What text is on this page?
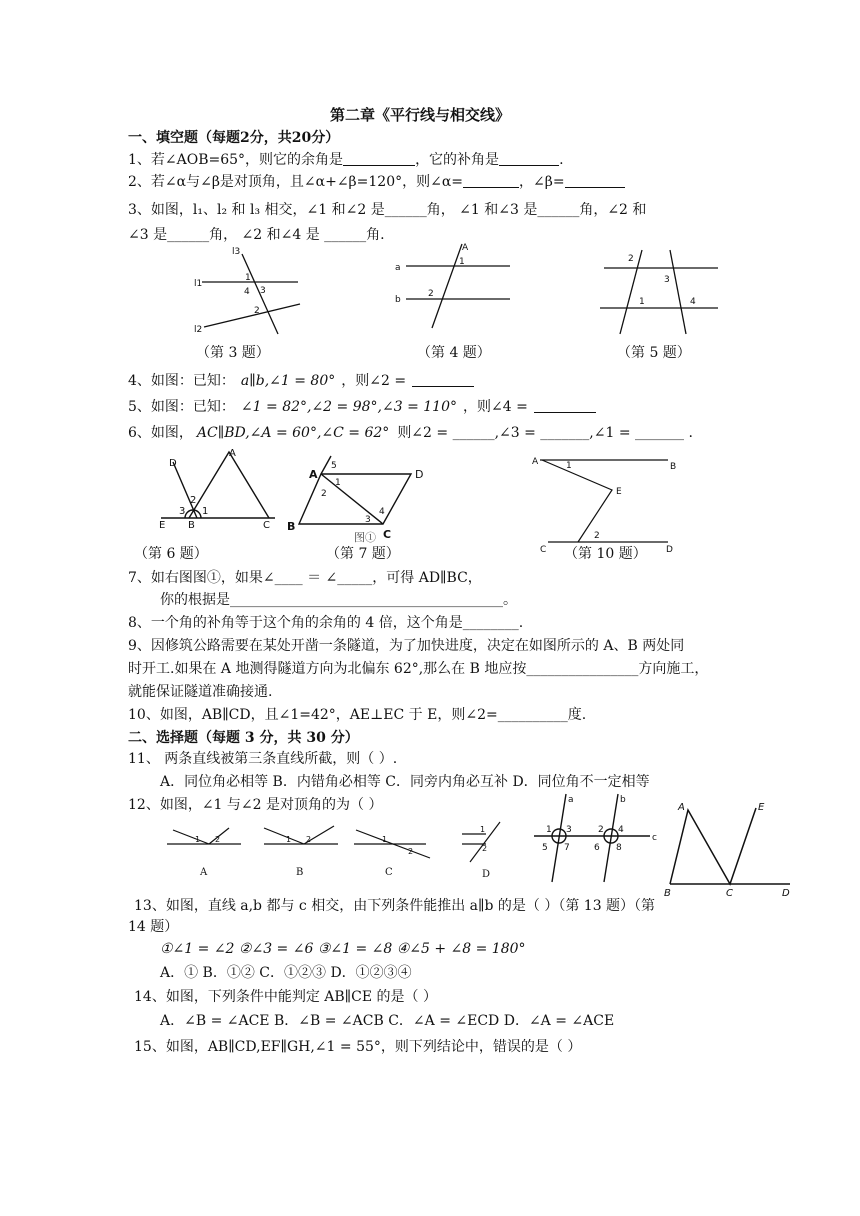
第二章《平行线与相交线》
一、填空题（每题2分，共20分）
1、若∠AOB=65°，则它的余角是	，它的补角是	.
2、若∠α与∠β是对顶角，且∠α+∠β=120°，则∠α=	，∠β=
3、如图，l₁、l₂ 和 l₃ 相交，∠1 和∠2 是______角， ∠1 和∠3 是______角，∠2 和
∠3 是______角， ∠2 和∠4 是 ______角.
l3
l1
l2
1
4 3
2
（第 3 题）
A
a
b
1
2
（第 4 题）
2
3
1	4
（第 5 题）
4、如图：已知： a∥b,∠1 = 80° ，则∠2 =
5、如图：已知： ∠1 = 82°,∠2 = 98°,∠3 = 110° ，则∠4 =
6、如图， AC∥BD,∠A = 60°,∠C = 62° 则∠2 = ______,∠3 = _______,∠1 = _______ .
D
A
E B	C
2
3 1
（第 6 题）
A	D
B
C
5
1
2
3
4
图①
（第 7 题）
A	B
E
C	D
1
2
（第 10 题）
7、如右图图①，如果∠____ ＝ ∠_____，可得 AD∥BC，
你的根据是_______________________________________。
8、一个角的补角等于这个角的余角的 4 倍，这个角是________.
9、因修筑公路需要在某处开凿一条隧道，为了加快进度，决定在如图所示的 A、B 两处同
时开工.如果在 A 地测得隧道方向为北偏东 62°,那么在 B 地应按________________方向施工，
就能保证隧道准确接通.
10、如图，AB∥CD，且∠1=42°，AE⊥EC 于 E，则∠2=__________度.
二、选择题（每题 3 分，共 30 分）
11、 两条直线被第三条直线所截，则（ ）.
A．同位角必相等 B．内错角必相等 C．同旁内角必互补 D．同位角不一定相等
12、如图，∠1 与∠2 是对顶角的为（ ）
1 2
A
1 2
B
1
2
C
1
2
D
a	b
c
1 3
5 7
2 4
6 8
A	E
B	C	D
13、如图，直线 a,b 都与 c 相交，由下列条件能推出 a∥b 的是（ ）（第 13 题）（第
14 题）
①∠1 = ∠2 ②∠3 = ∠6 ③∠1 = ∠8 ④∠5 + ∠8 = 180°
A．① B．①② C．①②③ D．①②③④
14、如图，下列条件中能判定 AB∥CE 的是（ ）
A．∠B = ∠ACE B．∠B = ∠ACB C．∠A = ∠ECD D．∠A = ∠ACE
15、如图，AB∥CD,EF∥GH,∠1 = 55°，则下列结论中，错误的是（ ）
